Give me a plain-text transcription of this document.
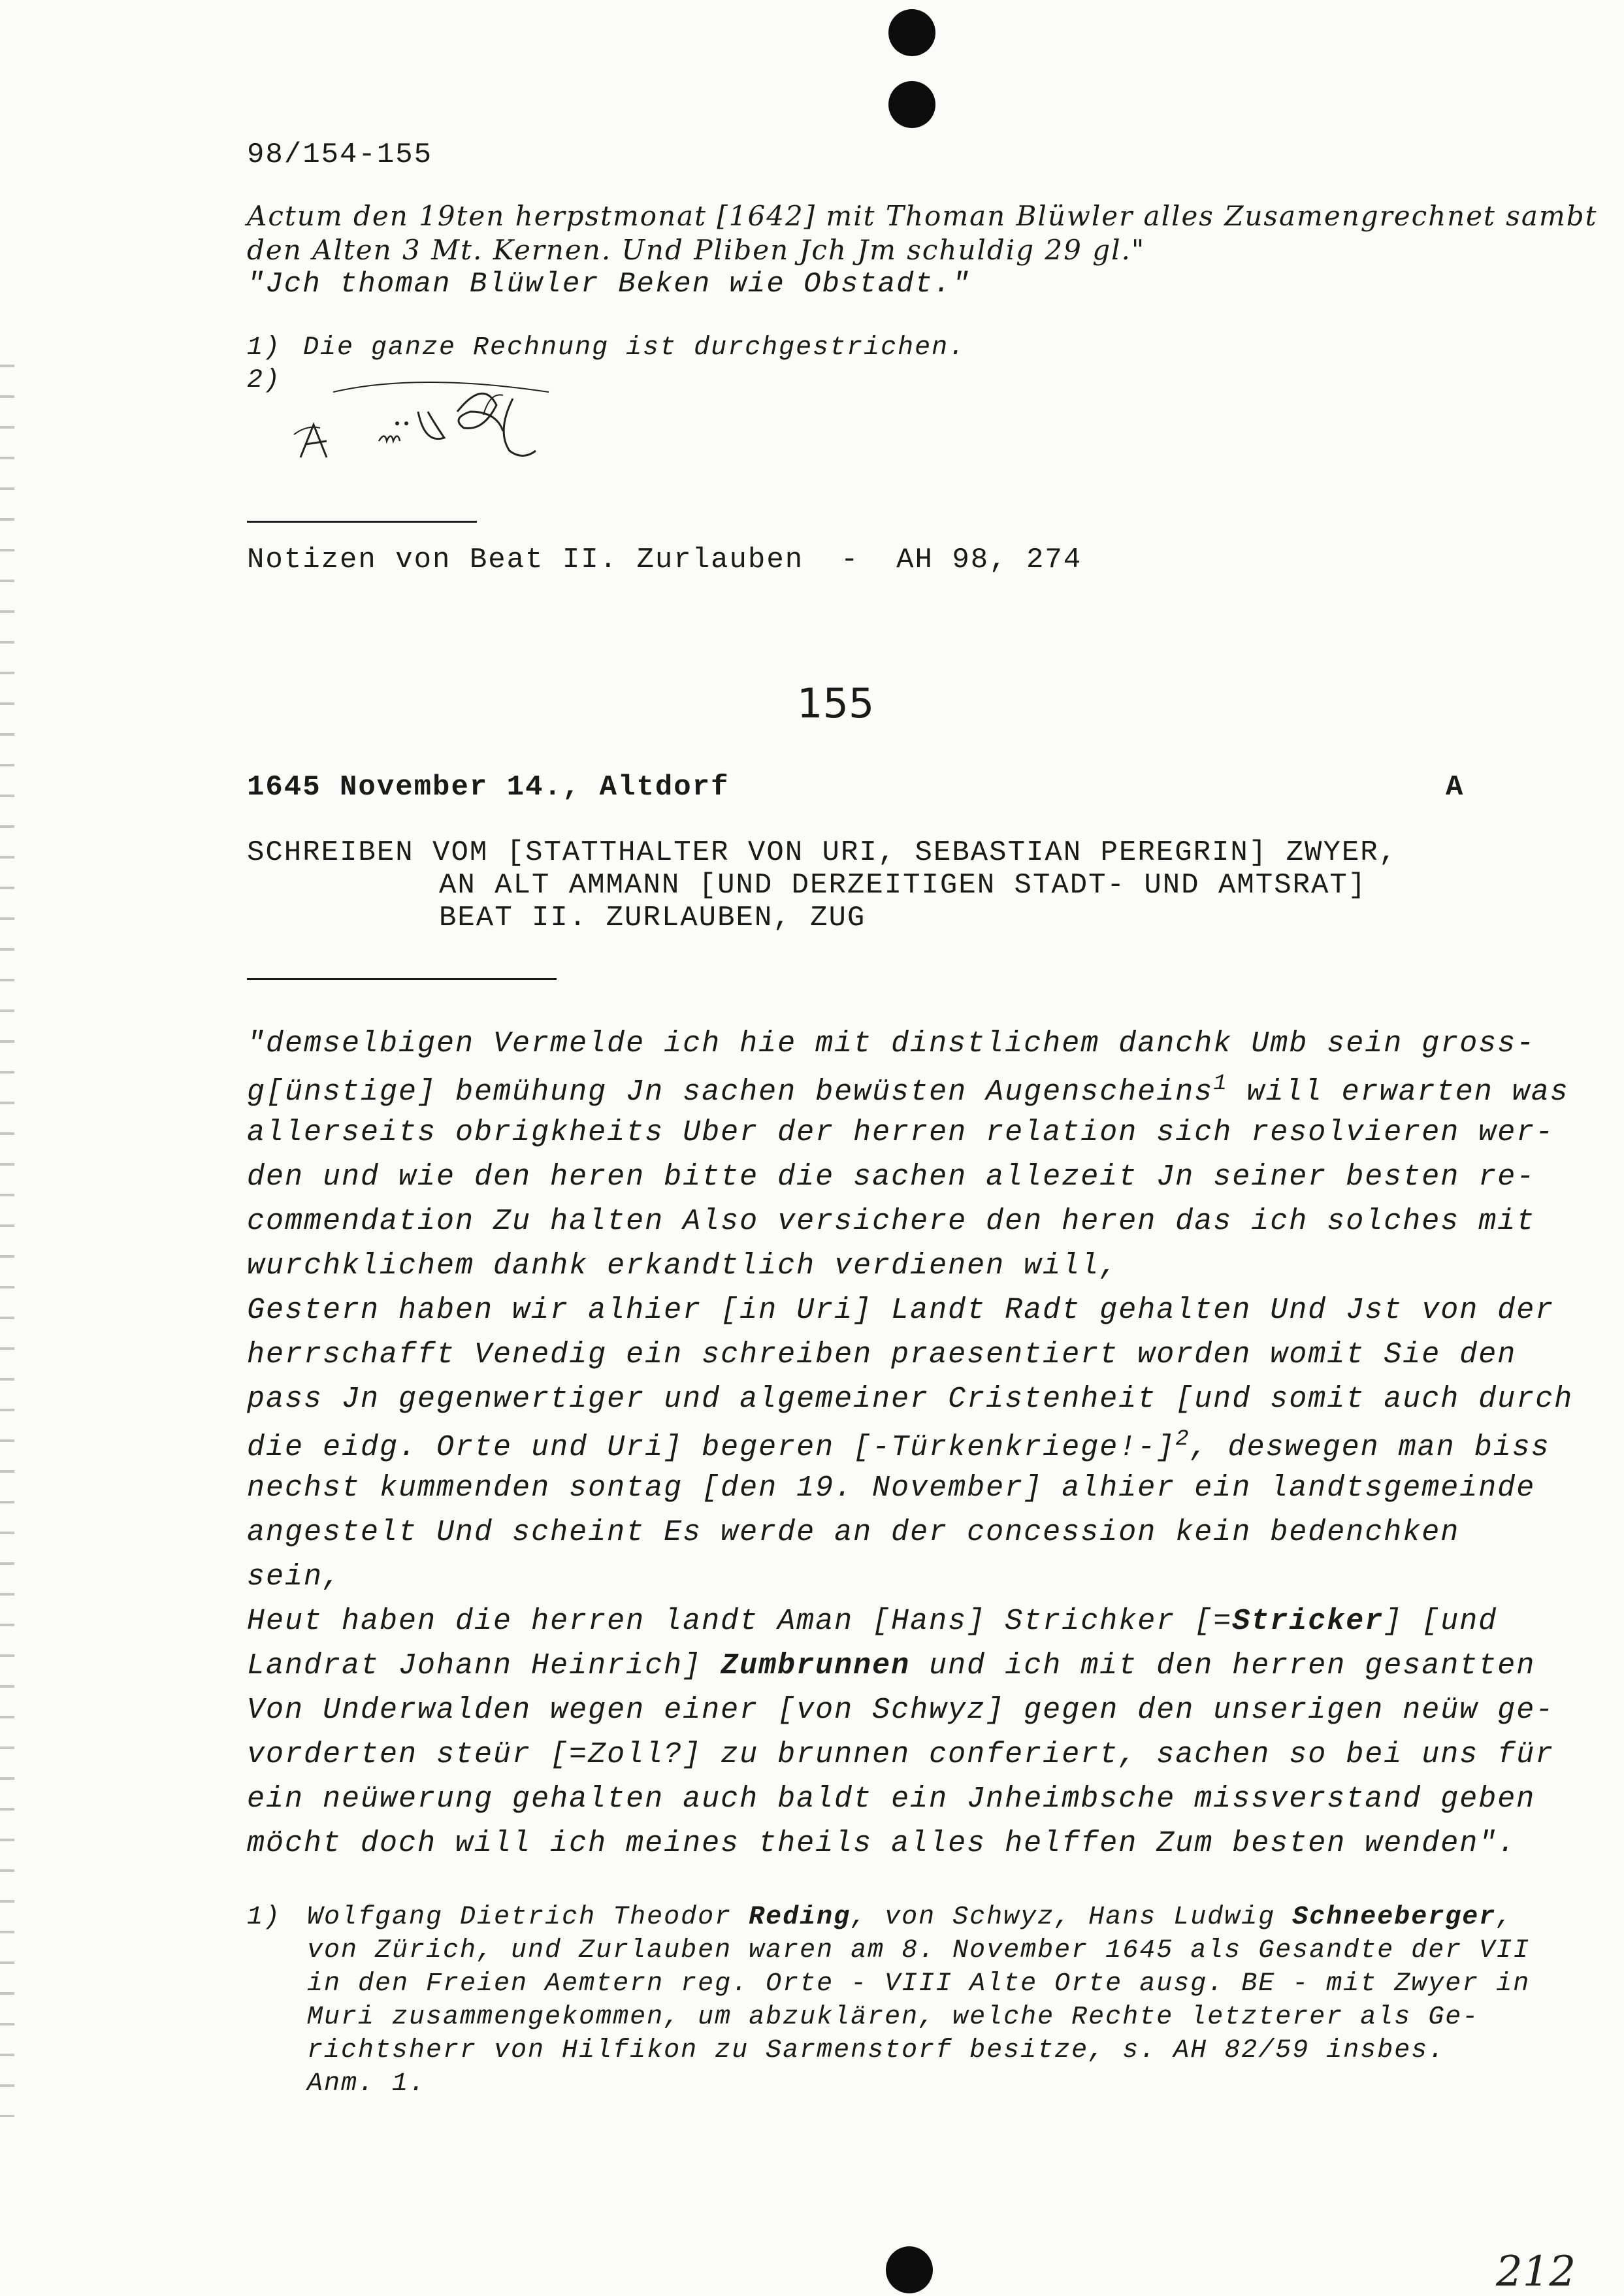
98/154-155
Actum den 19ten herpstmonat [1642] mit Thoman Blüwler alles Zusamengrechnet sambt
den Alten 3 Mt. Kernen. Und Pliben Jch Jm schuldig 29 gl."
"Jch thoman Blüwler Beken wie Obstadt."
1) Die ganze Rechnung ist durchgestrichen.
2)
Notizen von Beat II. Zurlauben  -  AH 98, 274
155
1645 November 14., Altdorf	A
SCHREIBEN VOM [STATTHALTER VON URI, SEBASTIAN PEREGRIN] ZWYER,
AN ALT AMMANN [UND DERZEITIGEN STADT- UND AMTSRAT]
BEAT II. ZURLAUBEN, ZUG
"demselbigen Vermelde ich hie mit dinstlichem danchk Umb sein gross-
g[ünstige] bemühung Jn sachen bewüsten Augenscheins$^1$ will erwarten was
allerseits obrigkheits Uber der herren relation sich resolvieren wer-
den und wie den heren bitte die sachen allezeit Jn seiner besten re-
commendation Zu halten Also versichere den heren das ich solches mit
wurchklichem danhk erkandtlich verdienen will,
Gestern haben wir alhier [in Uri] Landt Radt gehalten Und Jst von der
herrschafft Venedig ein schreiben praesentiert worden womit Sie den
pass Jn gegenwertiger und algemeiner Cristenheit [und somit auch durch
die eidg. Orte und Uri] begeren [-Türkenkriege!-]$^2$, deswegen man biss
nechst kummenden sontag [den 19. November] alhier ein landtsgemeinde
angestelt Und scheint Es werde an der concession kein bedenchken
sein,
Heut haben die herren landt Aman [Hans] Strichker [=Stricker] [und
Landrat Johann Heinrich] Zumbrunnen und ich mit den herren gesantten
Von Underwalden wegen einer [von Schwyz] gegen den unserigen neüw ge-
vorderten steür [=Zoll?] zu brunnen conferiert, sachen so bei uns für
ein neüwerung gehalten auch baldt ein Jnheimbsche missverstand geben
möcht doch will ich meines theils alles helffen Zum besten wenden".
1) Wolfgang Dietrich Theodor Reding, von Schwyz, Hans Ludwig Schneeberger,
von Zürich, und Zurlauben waren am 8. November 1645 als Gesandte der VII
in den Freien Aemtern reg. Orte - VIII Alte Orte ausg. BE - mit Zwyer in
Muri zusammengekommen, um abzuklären, welche Rechte letzterer als Ge-
richtsherr von Hilfikon zu Sarmenstorf besitze, s. AH 82/59 insbes.
Anm. 1.
212
